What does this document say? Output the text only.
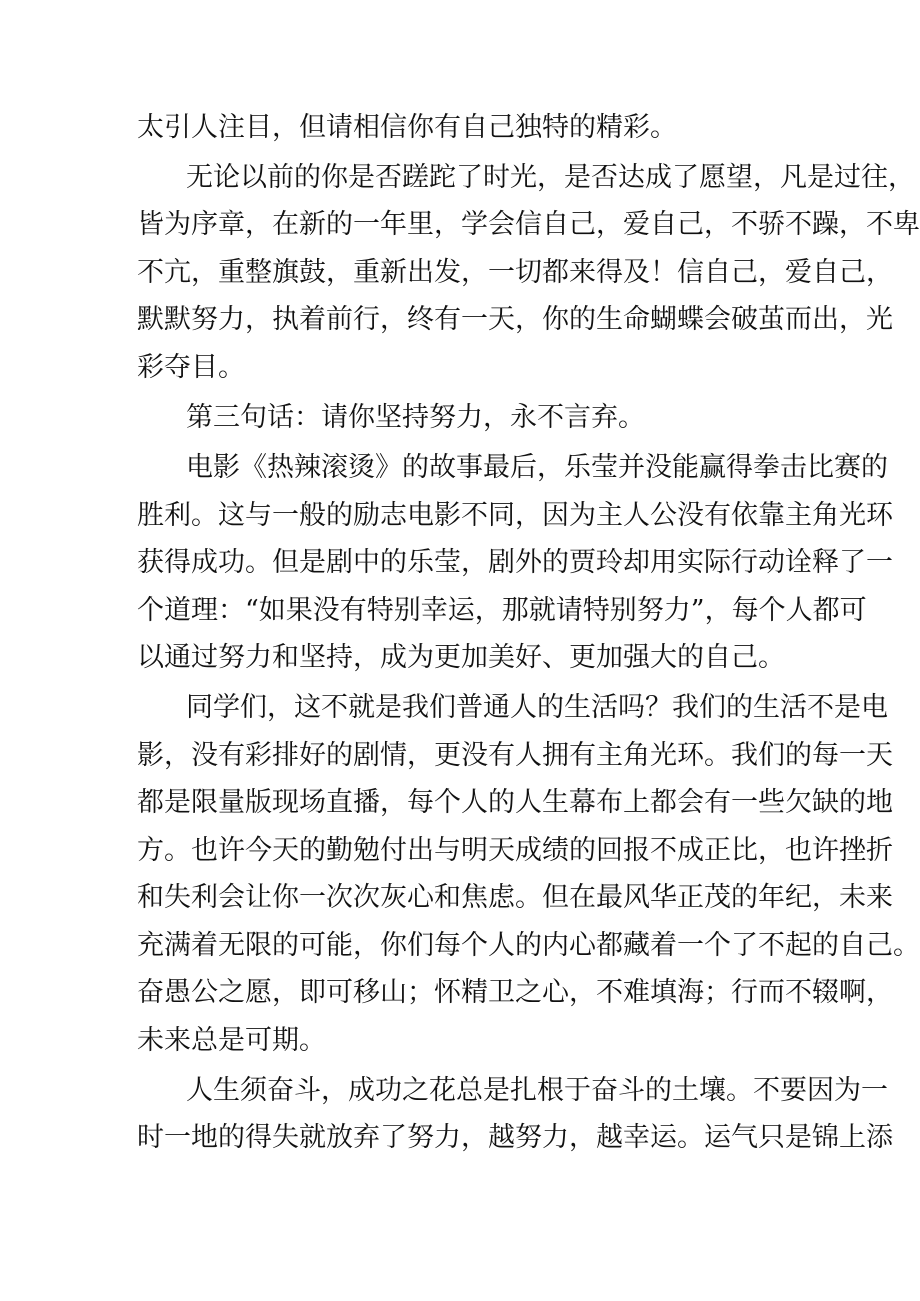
太引人注目，但请相信你有自己独特的精彩。
无论以前的你是否蹉跎了时光，是否达成了愿望，凡是过往，
皆为序章，在新的一年里，学会信自己，爱自己，不骄不躁，不卑
不亢，重整旗鼓，重新出发，一切都来得及！信自己，爱自己，
默默努力，执着前行，终有一天，你的生命蝴蝶会破茧而出，光
彩夺目。
第三句话：请你坚持努力，永不言弃。
电影《热辣滚烫》的故事最后，乐莹并没能赢得拳击比赛的
胜利。这与一般的励志电影不同，因为主人公没有依靠主角光环
获得成功。但是剧中的乐莹，剧外的贾玲却用实际行动诠释了一
个道理：“如果没有特别幸运，那就请特别努力”，每个人都可
以通过努力和坚持，成为更加美好、更加强大的自己。
同学们，这不就是我们普通人的生活吗？我们的生活不是电
影，没有彩排好的剧情，更没有人拥有主角光环。我们的每一天
都是限量版现场直播，每个人的人生幕布上都会有一些欠缺的地
方。也许今天的勤勉付出与明天成绩的回报不成正比，也许挫折
和失利会让你一次次灰心和焦虑。但在最风华正茂的年纪，未来
充满着无限的可能，你们每个人的内心都藏着一个了不起的自己。
奋愚公之愿，即可移山；怀精卫之心，不难填海；行而不辍啊，
未来总是可期。
人生须奋斗，成功之花总是扎根于奋斗的土壤。不要因为一
时一地的得失就放弃了努力，越努力，越幸运。运气只是锦上添
